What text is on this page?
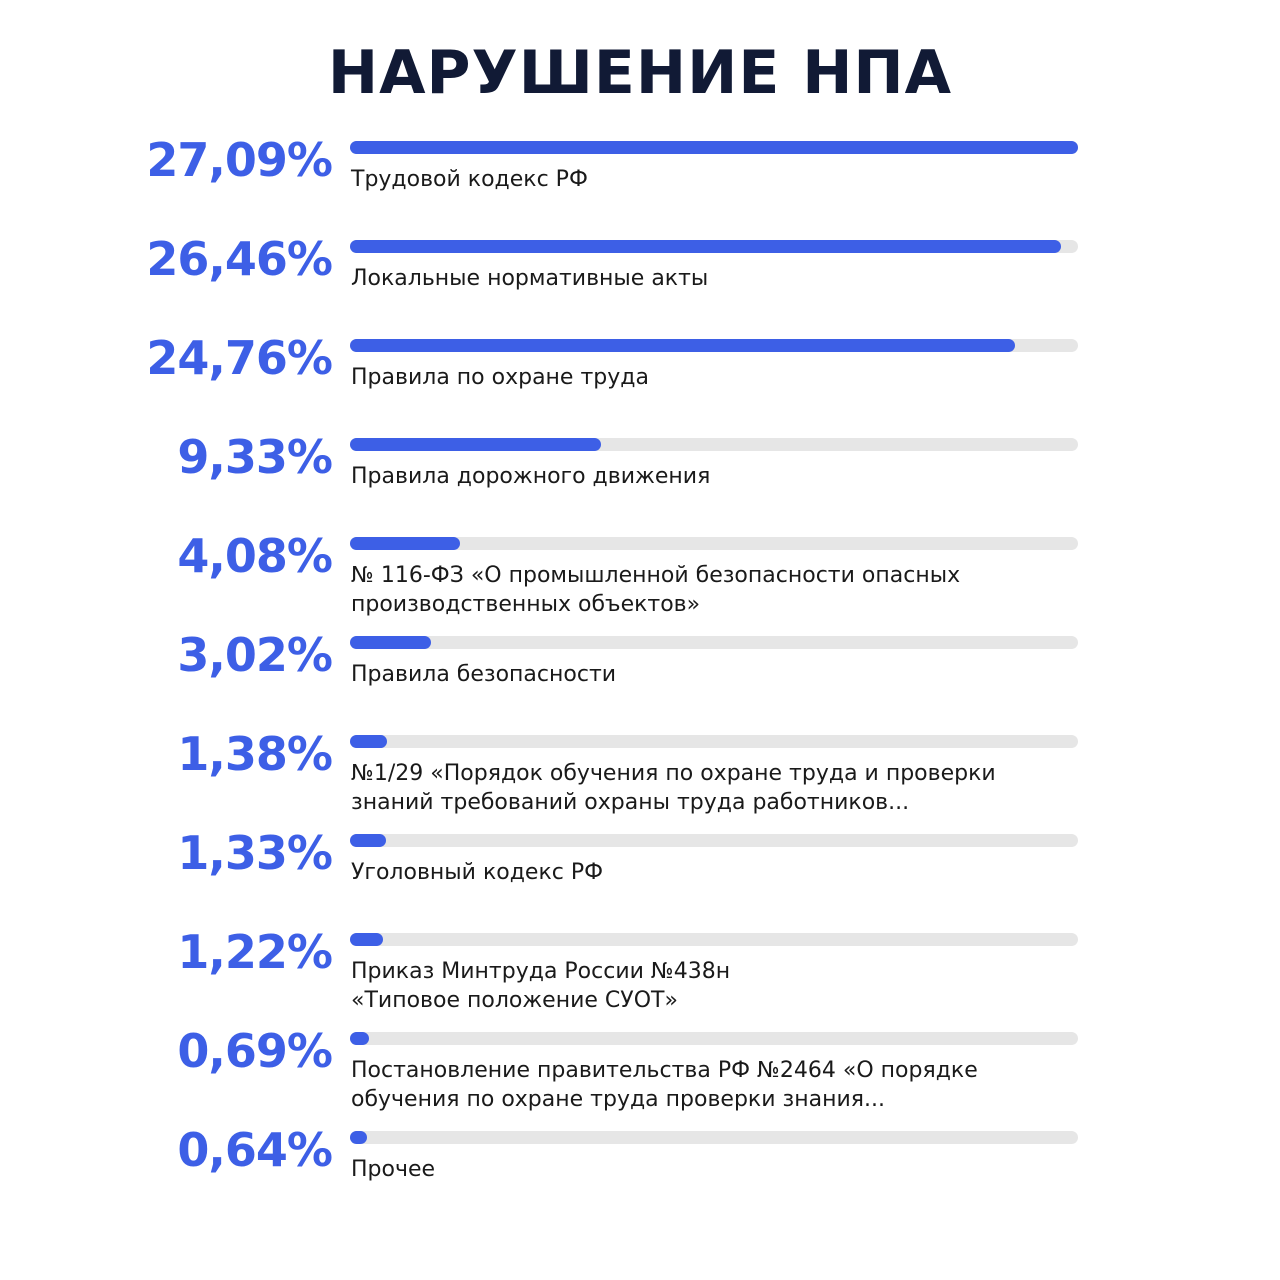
НАРУШЕНИЕ НПА
27,09% Трудовой кодекс РФ
26,46% Локальные нормативные акты
24,76% Правила по охране труда
9,33% Правила дорожного движения
4,08% № 116-ФЗ «О промышленной безопасности опасных
производственных объектов»
3,02% Правила безопасности
1,38% №1/29 «Порядок обучения по охране труда и проверки
знаний требований охраны труда работников...
1,33% Уголовный кодекс РФ
1,22% Приказ Минтруда России №438н
«Типовое положение СУОТ»
0,69% Постановление правительства РФ №2464 «О порядке
обучения по охране труда проверки знания...
0,64% Прочее
